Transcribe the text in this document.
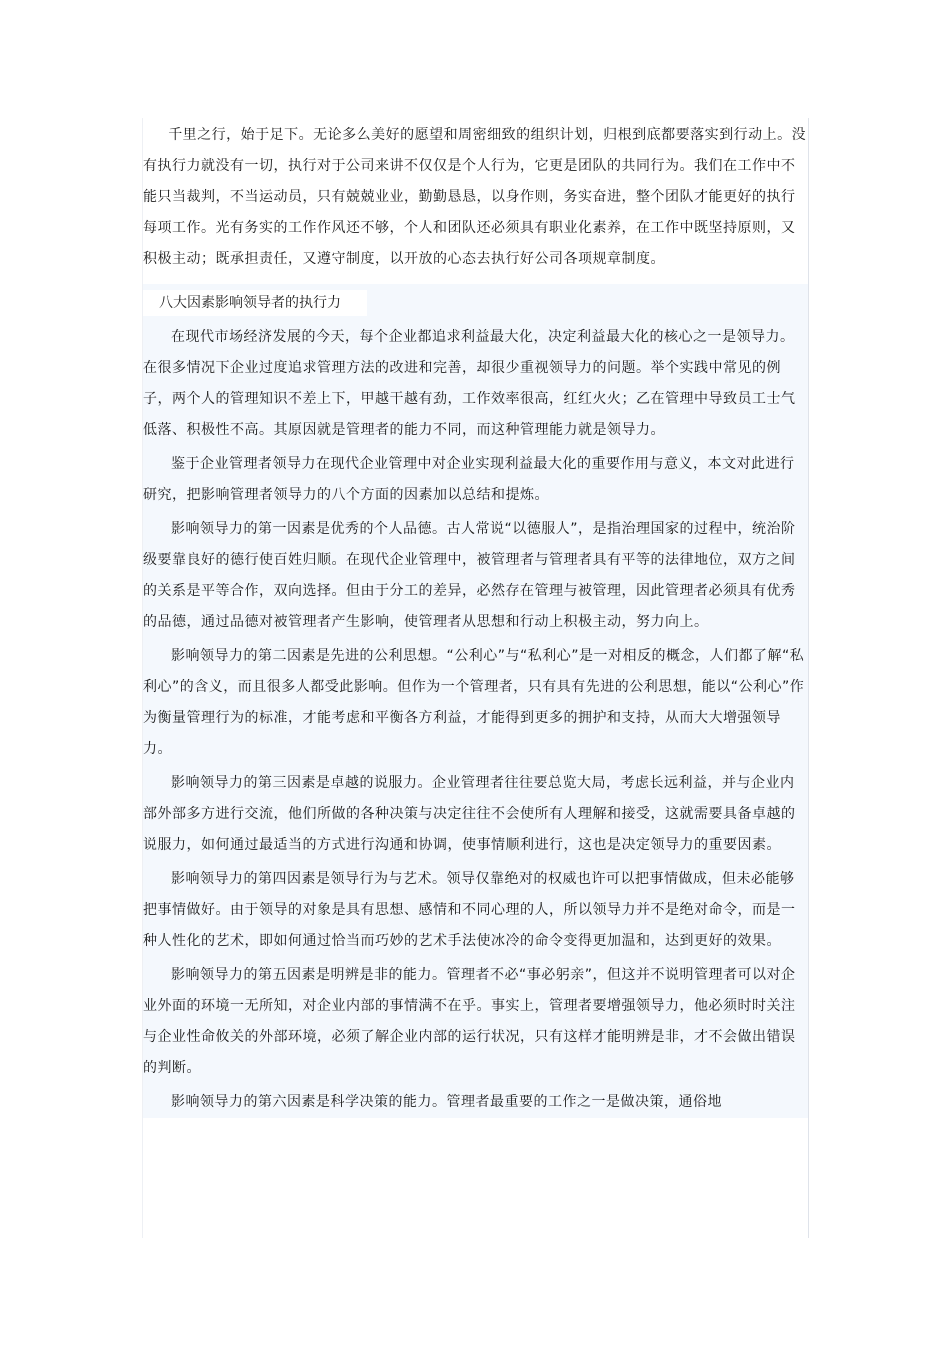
千里之行，始于足下。无论多么美好的愿望和周密细致的组织计划，归根到底都要落实到行动上。没有执行力就没有一切，执行对于公司来讲不仅仅是个人行为，它更是团队的共同行为。我们在工作中不能只当裁判，不当运动员，只有兢兢业业，勤勤恳恳，以身作则，务实奋进，整个团队才能更好的执行每项工作。光有务实的工作作风还不够，个人和团队还必须具有职业化素养，在工作中既坚持原则，又积极主动；既承担责任，又遵守制度，以开放的心态去执行好公司各项规章制度。

八大因素影响领导者的执行力

在现代市场经济发展的今天，每个企业都追求利益最大化，决定利益最大化的核心之一是领导力。在很多情况下企业过度追求管理方法的改进和完善，却很少重视领导力的问题。举个实践中常见的例子，两个人的管理知识不差上下，甲越干越有劲，工作效率很高，红红火火；乙在管理中导致员工士气低落、积极性不高。其原因就是管理者的能力不同，而这种管理能力就是领导力。

鉴于企业管理者领导力在现代企业管理中对企业实现利益最大化的重要作用与意义，本文对此进行研究，把影响管理者领导力的八个方面的因素加以总结和提炼。

影响领导力的第一因素是优秀的个人品德。古人常说“以德服人”，是指治理国家的过程中，统治阶级要靠良好的德行使百姓归顺。在现代企业管理中，被管理者与管理者具有平等的法律地位，双方之间的关系是平等合作，双向选择。但由于分工的差异，必然存在管理与被管理，因此管理者必须具有优秀的品德，通过品德对被管理者产生影响，使管理者从思想和行动上积极主动，努力向上。

影响领导力的第二因素是先进的公利思想。“公利心”与“私利心”是一对相反的概念，人们都了解“私利心”的含义，而且很多人都受此影响。但作为一个管理者，只有具有先进的公利思想，能以“公利心”作为衡量管理行为的标准，才能考虑和平衡各方利益，才能得到更多的拥护和支持，从而大大增强领导力。

影响领导力的第三因素是卓越的说服力。企业管理者往往要总览大局，考虑长远利益，并与企业内部外部多方进行交流，他们所做的各种决策与决定往往不会使所有人理解和接受，这就需要具备卓越的说服力，如何通过最适当的方式进行沟通和协调，使事情顺利进行，这也是决定领导力的重要因素。

影响领导力的第四因素是领导行为与艺术。领导仅靠绝对的权威也许可以把事情做成，但未必能够把事情做好。由于领导的对象是具有思想、感情和不同心理的人，所以领导力并不是绝对命令，而是一种人性化的艺术，即如何通过恰当而巧妙的艺术手法使冰冷的命令变得更加温和，达到更好的效果。

影响领导力的第五因素是明辨是非的能力。管理者不必“事必躬亲”，但这并不说明管理者可以对企业外面的环境一无所知，对企业内部的事情满不在乎。事实上，管理者要增强领导力，他必须时时关注与企业性命攸关的外部环境，必须了解企业内部的运行状况，只有这样才能明辨是非，才不会做出错误的判断。

影响领导力的第六因素是科学决策的能力。管理者最重要的工作之一是做决策，通俗地
